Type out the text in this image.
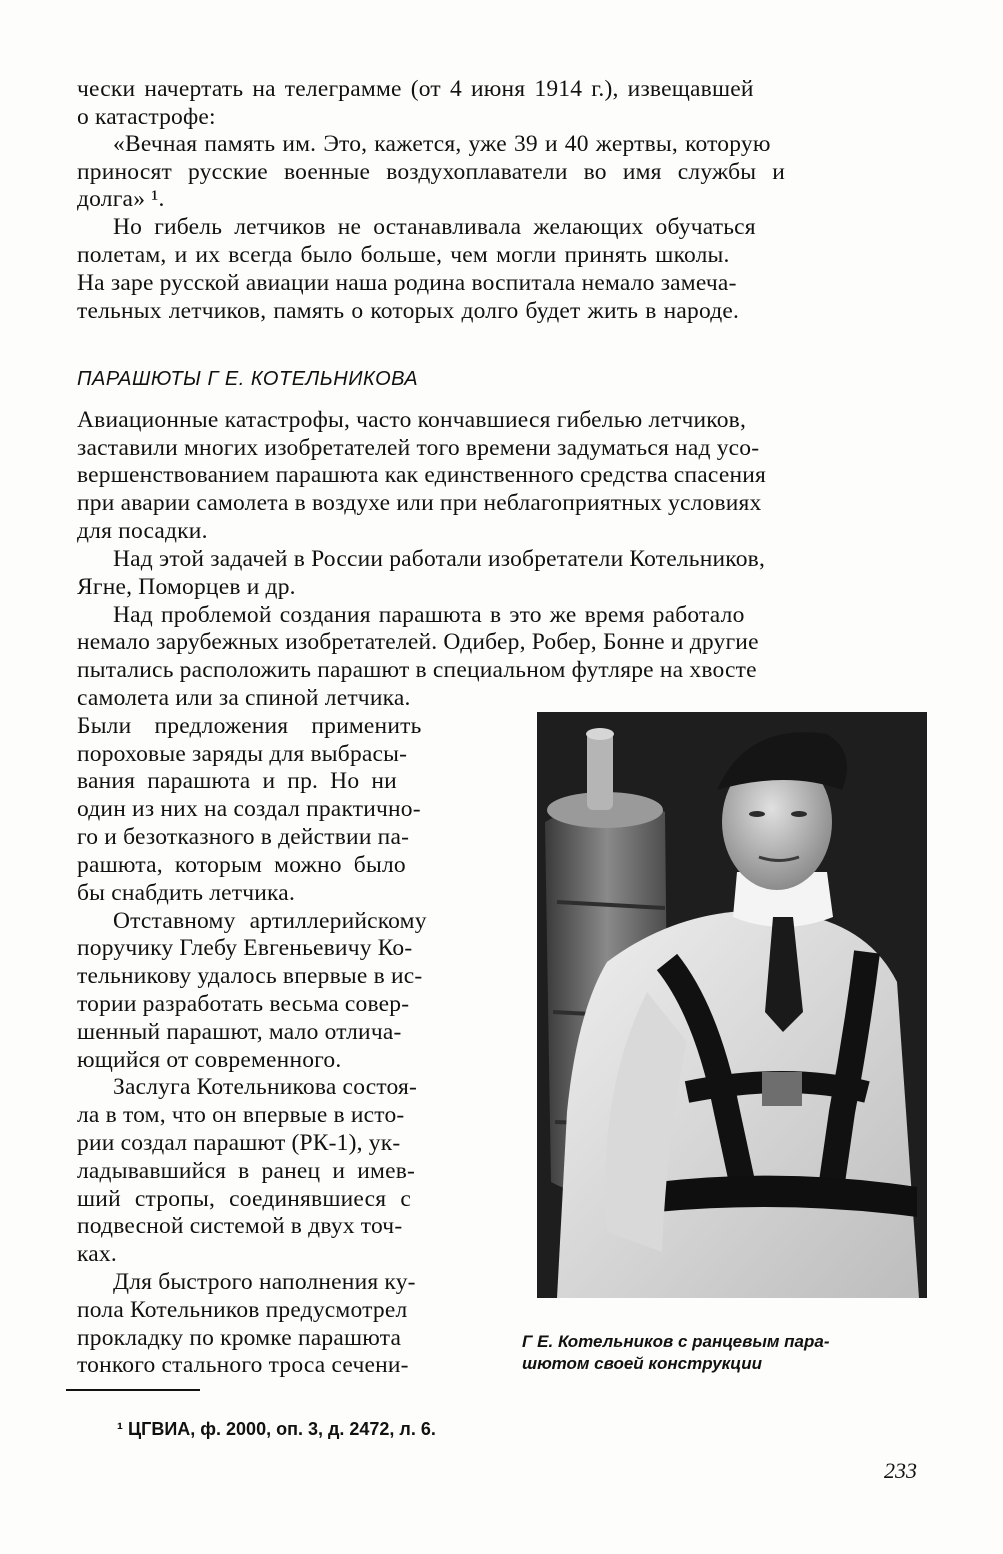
чески начертать на телеграмме (от 4 июня 1914 г.), извещавшей
о катастрофе:
«Вечная память им. Это, кажется, уже 39 и 40 жертвы, которую
приносят русские военные воздухоплаватели во имя службы и
долга» ¹.
Но гибель летчиков не останавливала желающих обучаться
полетам, и их всегда было больше, чем могли принять школы.
На заре русской авиации наша родина воспитала немало замеча-
тельных летчиков, память о которых долго будет жить в народе.
ПАРАШЮТЫ Г Е. КОТЕЛЬНИКОВА
Авиационные катастрофы, часто кончавшиеся гибелью летчиков,
заставили многих изобретателей того времени задуматься над усо-
вершенствованием парашюта как единственного средства спасения
при аварии самолета в воздухе или при неблагоприятных условиях
для посадки.
Над этой задачей в России работали изобретатели Котельников,
Ягне, Поморцев и др.
Над проблемой создания парашюта в это же время работало
немало зарубежных изобретателей. Одибер, Робер, Бонне и другие
пытались расположить парашют в специальном футляре на хвосте
самолета или за спиной летчика.
Были предложения применить
пороховые заряды для выбрасы-
вания парашюта и пр. Но ни
один из них на создал практично-
го и безотказного в действии па-
рашюта, которым можно было
бы снабдить летчика.
Отставному артиллерийскому
поручику Глебу Евгеньевичу Ко-
тельникову удалось впервые в ис-
тории разработать весьма совер-
шенный парашют, мало отлича-
ющийся от современного.
Заслуга Котельникова состоя-
ла в том, что он впервые в исто-
рии создал парашют (РК-1), ук-
ладывавшийся в ранец и имев-
ший стропы, соединявшиеся с
подвесной системой в двух точ-
ках.
Для быстрого наполнения ку-
пола Котельников предусмотрел
прокладку по кромке парашюта
тонкого стального троса сечени-
Г Е. Котельников с ранцевым пара-
шютом своей конструкции
¹ ЦГВИА, ф. 2000, оп. 3, д. 2472, л. 6.
233
